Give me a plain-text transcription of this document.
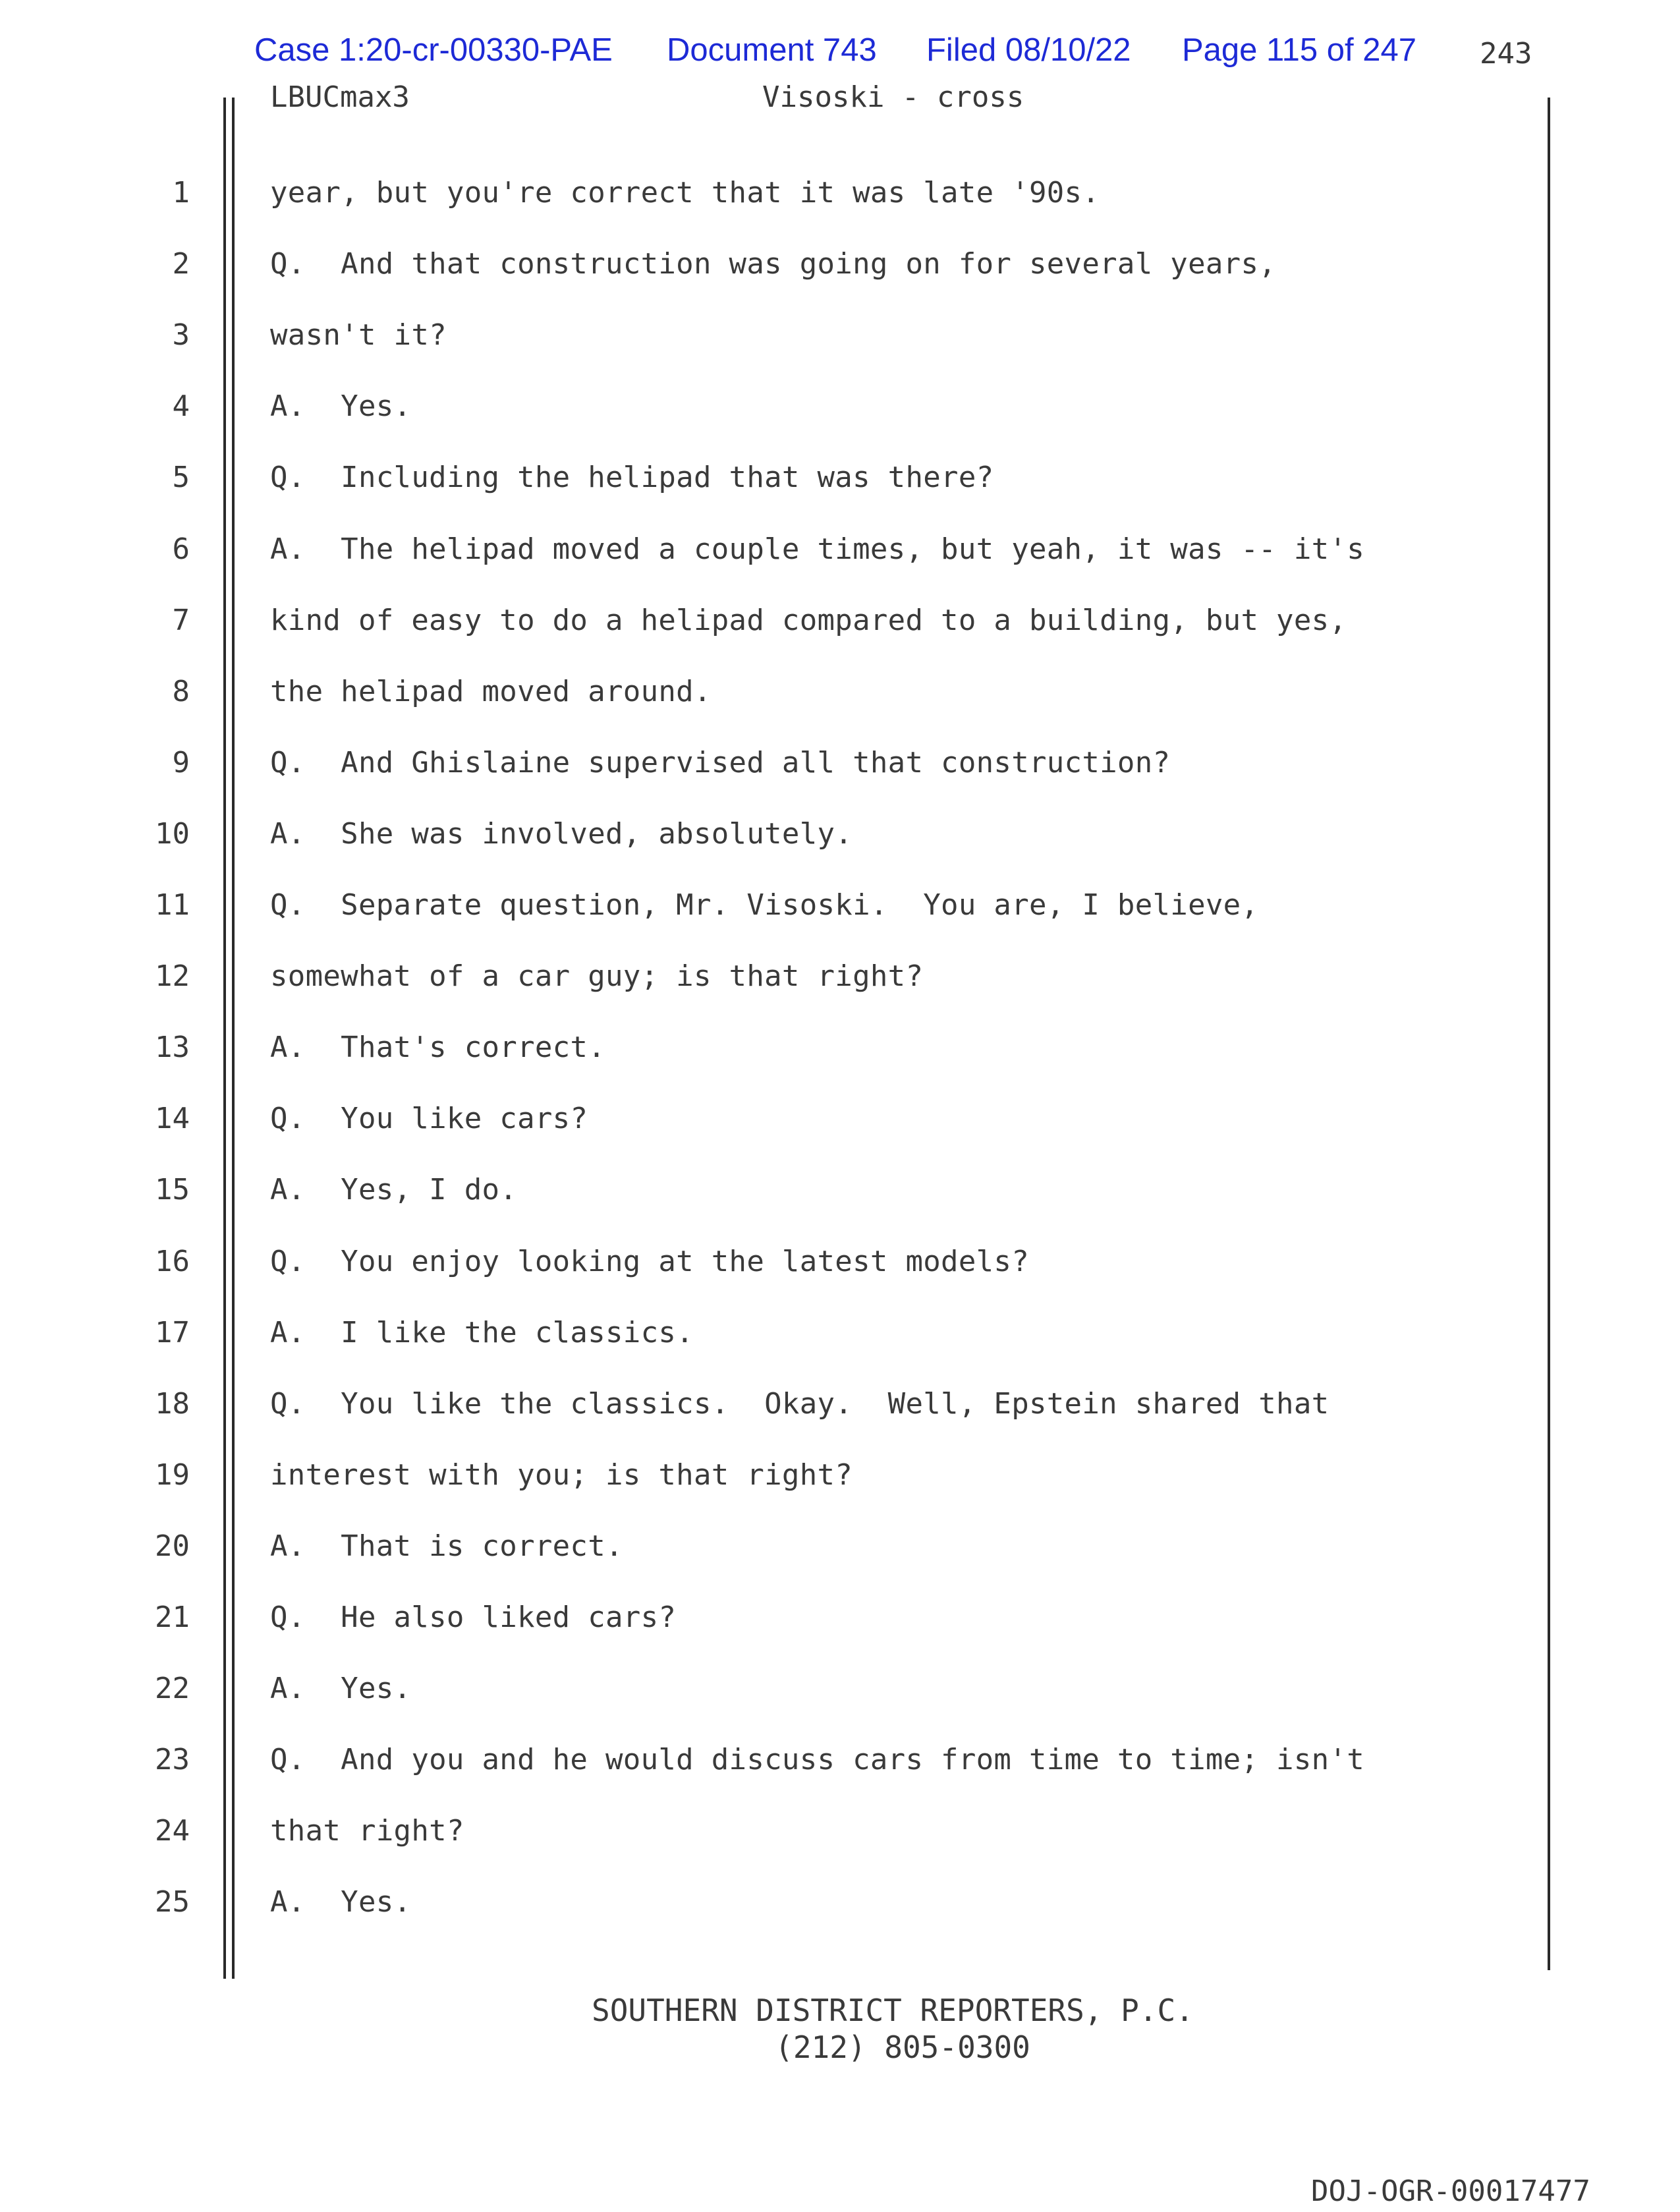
Case 1:20-cr-00330-PAE Document 743 Filed 08/10/22 Page 115 of 247 243
LBUCmax3	Visoski - cross
1	year, but you're correct that it was late '90s.
2	Q.  And that construction was going on for several years,
3	wasn't it?
4	A.  Yes.
5	Q.  Including the helipad that was there?
6	A.  The helipad moved a couple times, but yeah, it was -- it's
7	kind of easy to do a helipad compared to a building, but yes,
8	the helipad moved around.
9	Q.  And Ghislaine supervised all that construction?
10	A.  She was involved, absolutely.
11	Q.  Separate question, Mr. Visoski.  You are, I believe,
12	somewhat of a car guy; is that right?
13	A.  That's correct.
14	Q.  You like cars?
15	A.  Yes, I do.
16	Q.  You enjoy looking at the latest models?
17	A.  I like the classics.
18	Q.  You like the classics.  Okay.  Well, Epstein shared that
19	interest with you; is that right?
20	A.  That is correct.
21	Q.  He also liked cars?
22	A.  Yes.
23	Q.  And you and he would discuss cars from time to time; isn't
24	that right?
25	A.  Yes.
SOUTHERN DISTRICT REPORTERS, P.C.
(212) 805-0300
DOJ-OGR-00017477
